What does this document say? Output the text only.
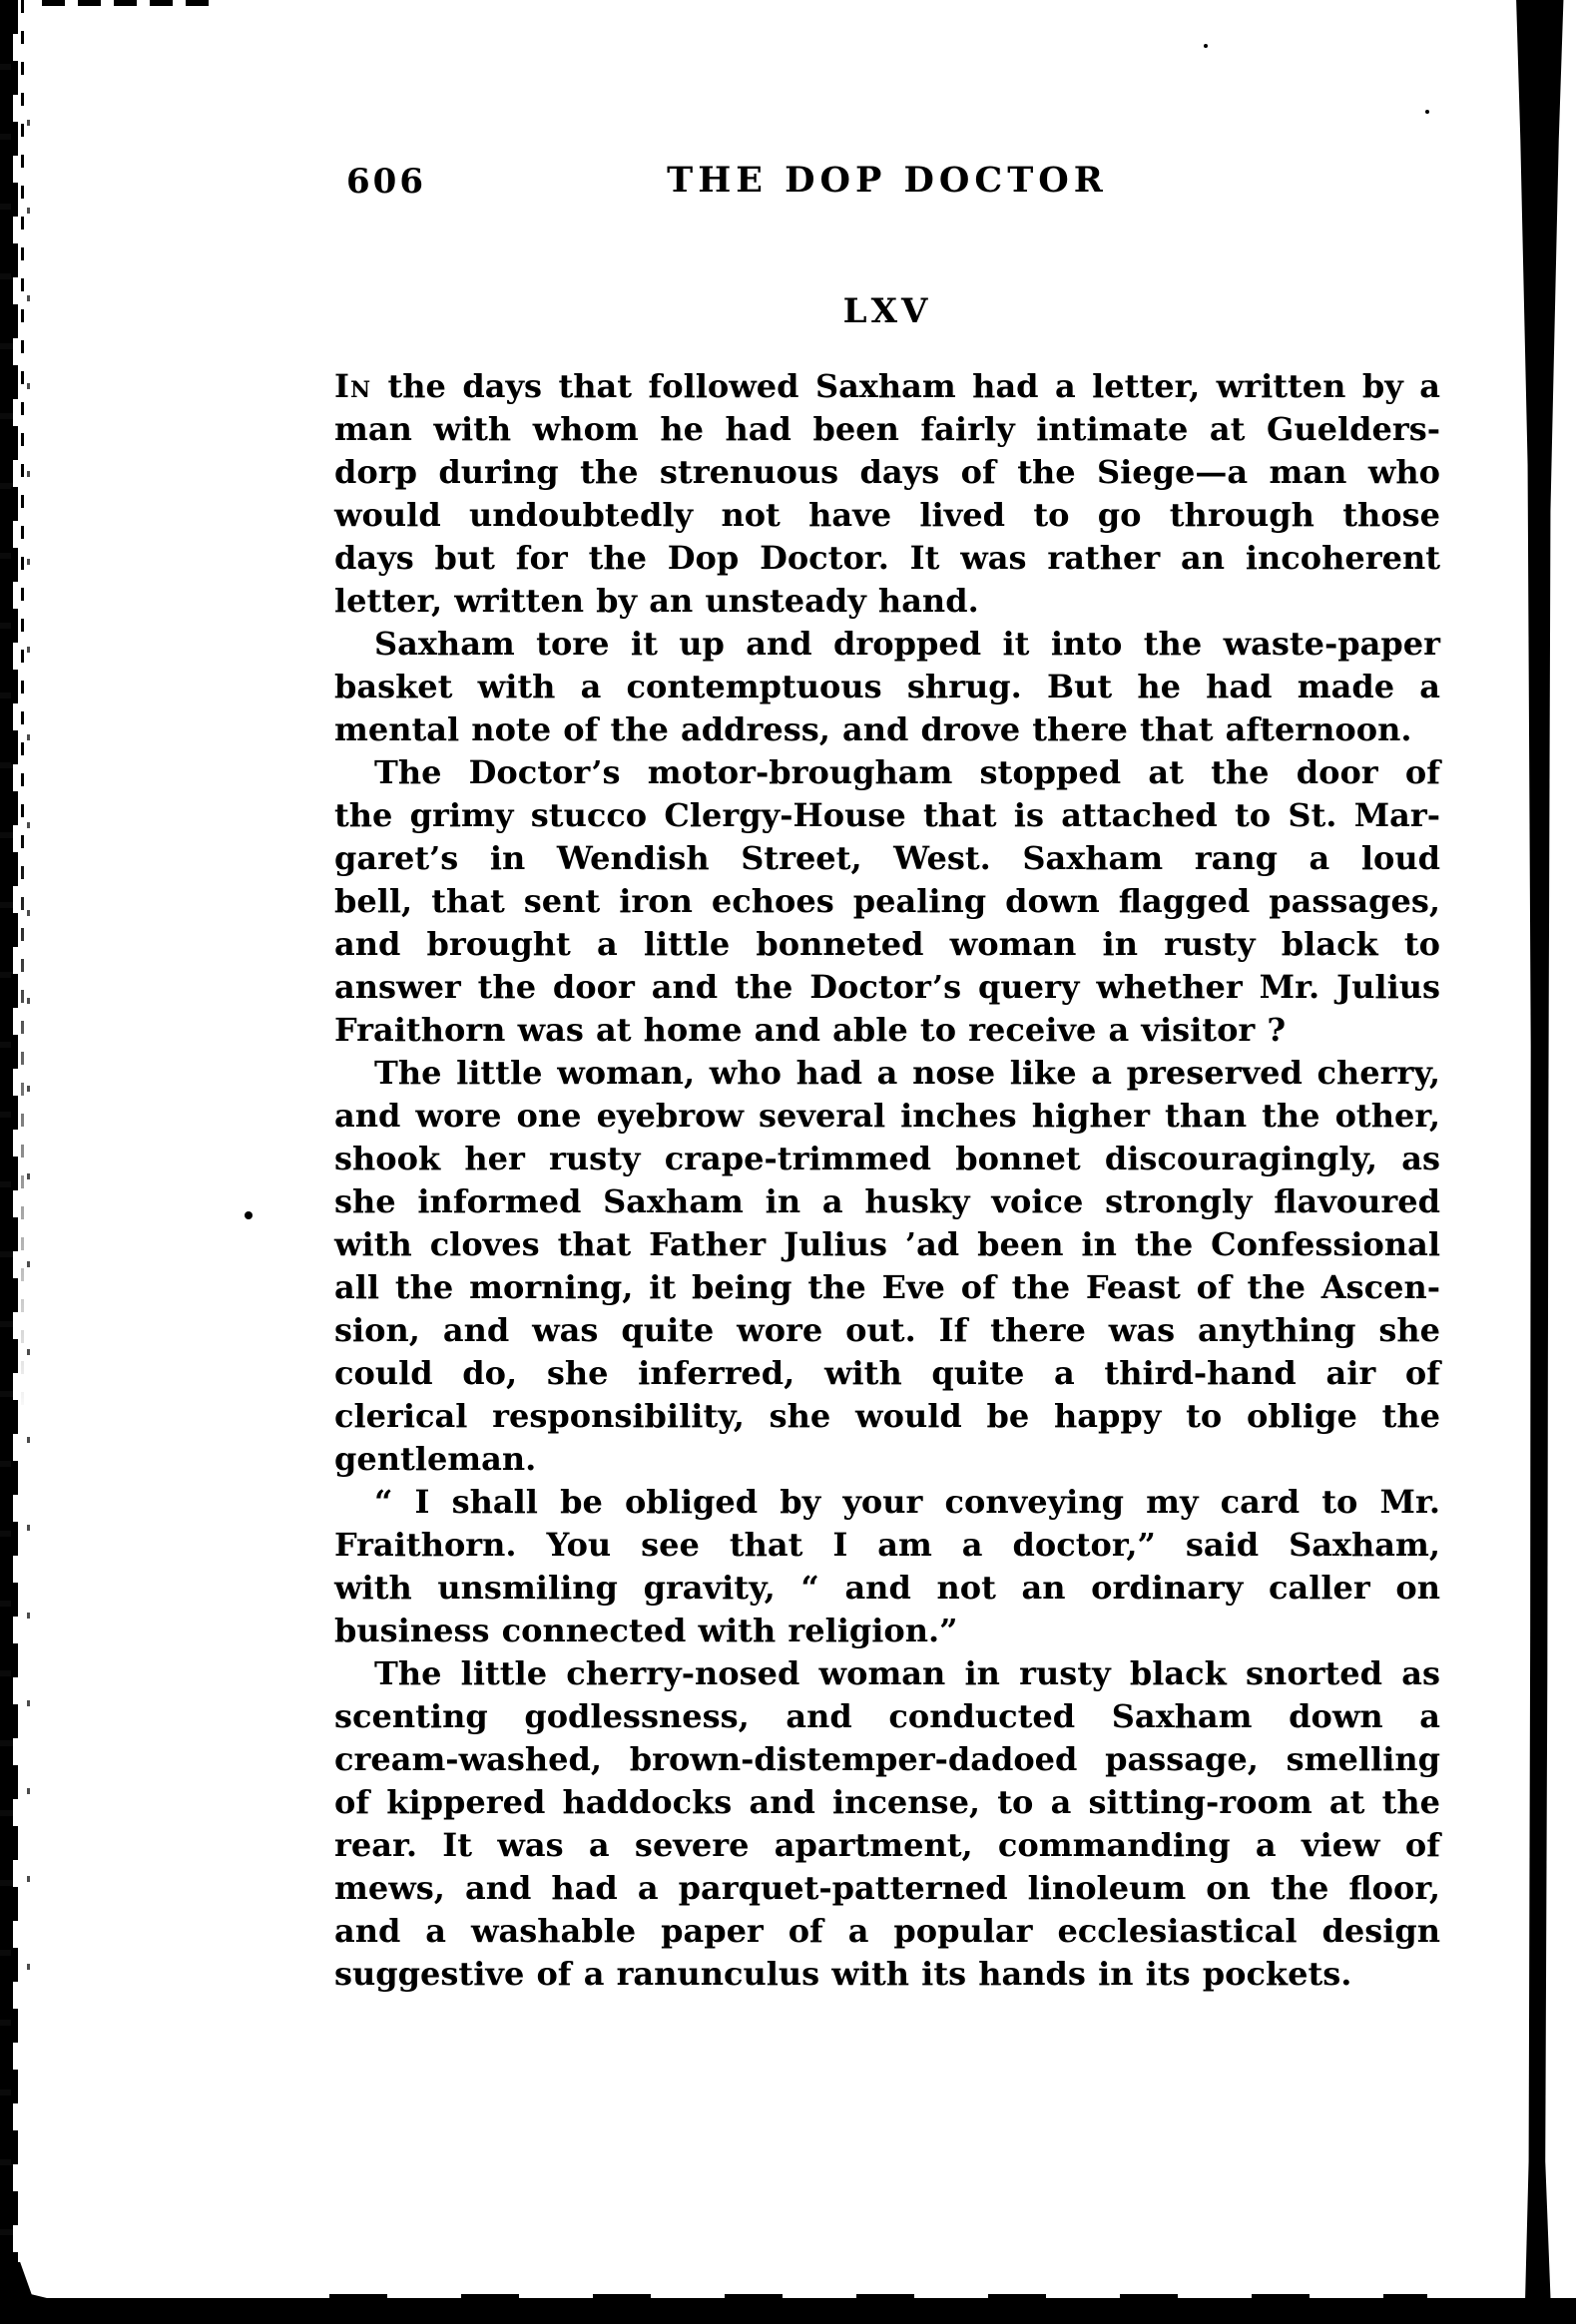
606	THE DOP DOCTOR
LXV
In the days that followed Saxham had a letter, written by a
man with whom he had been fairly intimate at Guelders-
dorp during the strenuous days of the Siege—a man who
would undoubtedly not have lived to go through those
days but for the Dop Doctor. It was rather an incoherent
letter, written by an unsteady hand.
Saxham tore it up and dropped it into the waste-paper
basket with a contemptuous shrug. But he had made a
mental note of the address, and drove there that afternoon.
The Doctor’s motor-brougham stopped at the door of
the grimy stucco Clergy-House that is attached to St. Mar-
garet’s in Wendish Street, West. Saxham rang a loud
bell, that sent iron echoes pealing down flagged passages,
and brought a little bonneted woman in rusty black to
answer the door and the Doctor’s query whether Mr. Julius
Fraithorn was at home and able to receive a visitor ?
The little woman, who had a nose like a preserved cherry,
and wore one eyebrow several inches higher than the other,
shook her rusty crape-trimmed bonnet discouragingly, as
she informed Saxham in a husky voice strongly flavoured
with cloves that Father Julius ’ad been in the Confessional
all the morning, it being the Eve of the Feast of the Ascen-
sion, and was quite wore out. If there was anything she
could do, she inferred, with quite a third-hand air of
clerical responsibility, she would be happy to oblige the
gentleman.
“ I shall be obliged by your conveying my card to Mr.
Fraithorn. You see that I am a doctor,” said Saxham,
with unsmiling gravity, “ and not an ordinary caller on
business connected with religion.”
The little cherry-nosed woman in rusty black snorted as
scenting godlessness, and conducted Saxham down a
cream-washed, brown-distemper-dadoed passage, smelling
of kippered haddocks and incense, to a sitting-room at the
rear. It was a severe apartment, commanding a view of
mews, and had a parquet-patterned linoleum on the floor,
and a washable paper of a popular ecclesiastical design
suggestive of a ranunculus with its hands in its pockets.
